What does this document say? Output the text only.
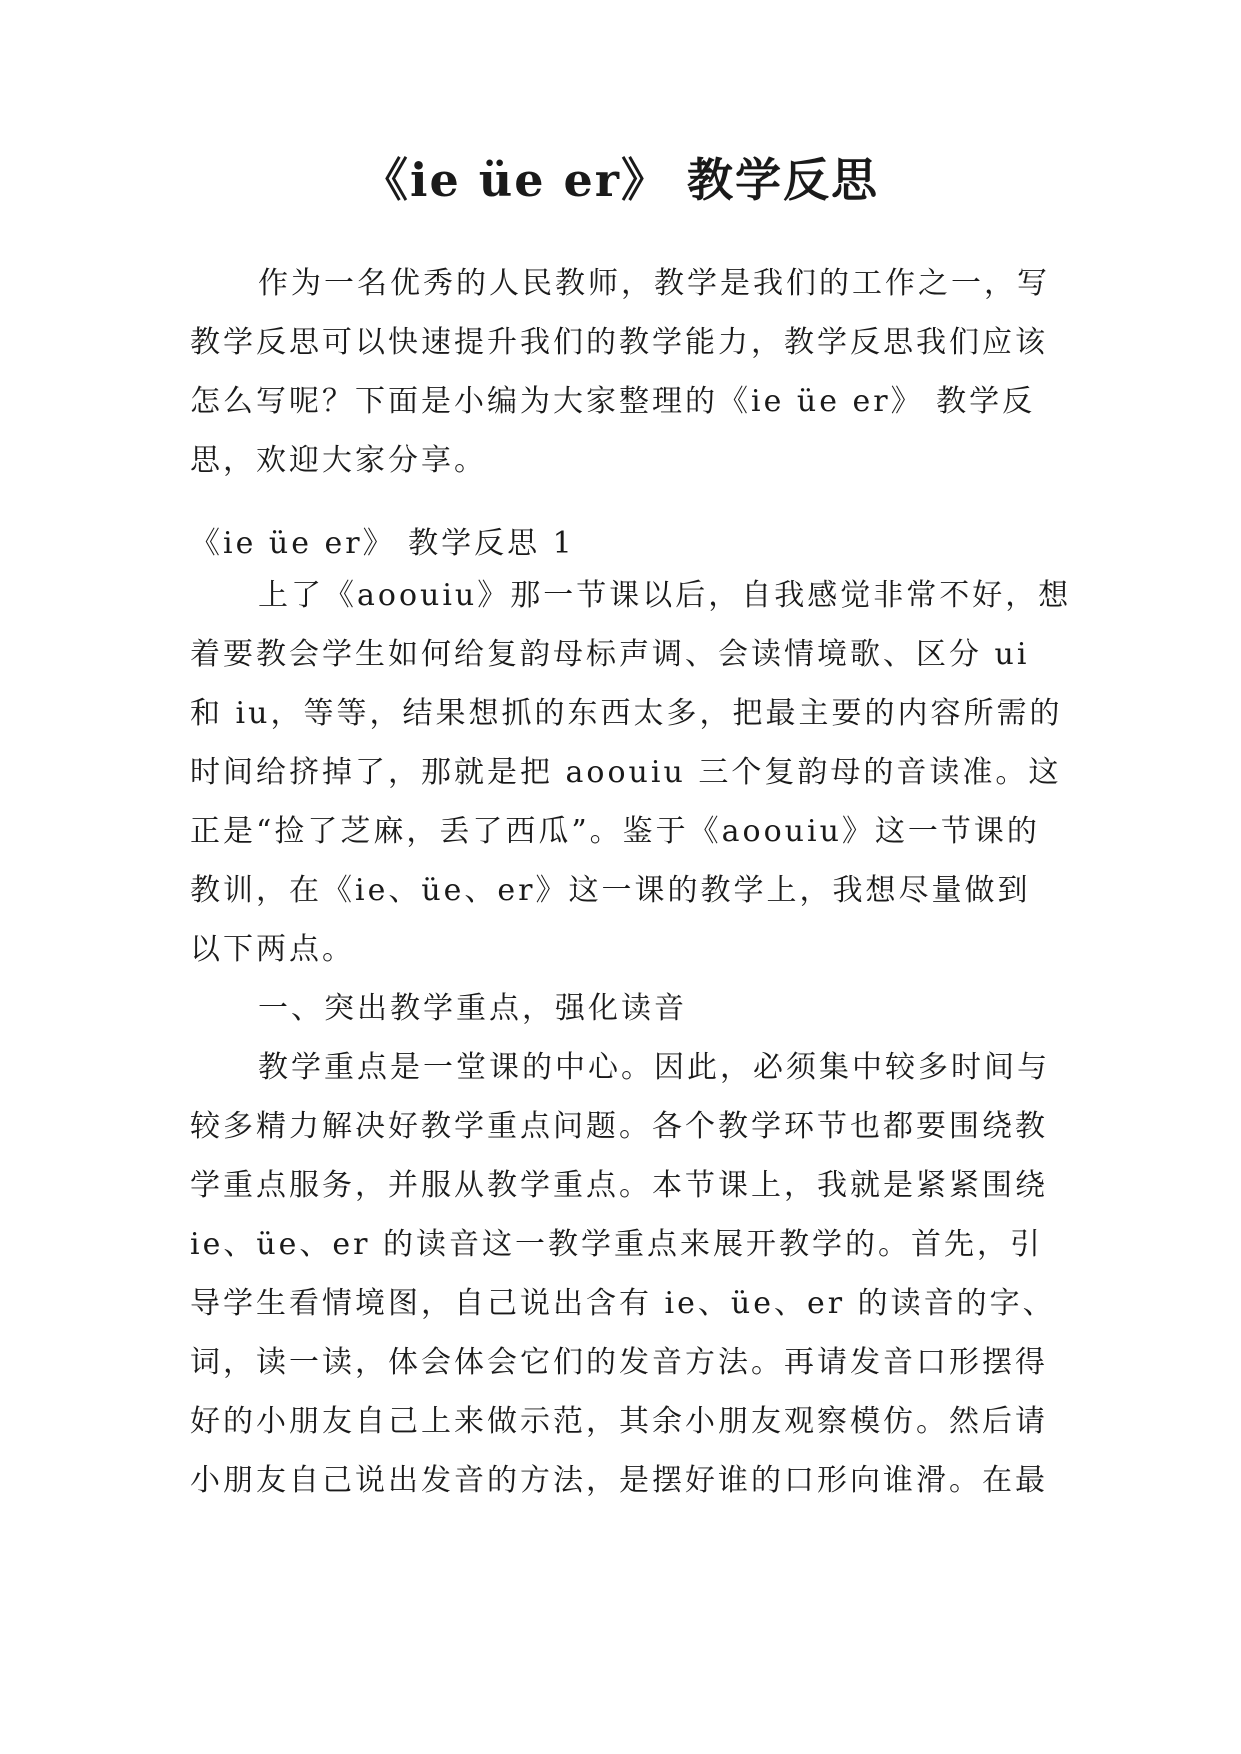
《ie üe er》 教学反思
作为一名优秀的人民教师，教学是我们的工作之一，写
教学反思可以快速提升我们的教学能力，教学反思我们应该
怎么写呢？下面是小编为大家整理的《ie üe er》 教学反
思，欢迎大家分享。
《ie üe er》 教学反思 1
上了《aoouiu》那一节课以后，自我感觉非常不好，想
着要教会学生如何给复韵母标声调、会读情境歌、区分 ui
和 iu，等等，结果想抓的东西太多，把最主要的内容所需的
时间给挤掉了，那就是把 aoouiu 三个复韵母的音读准。这
正是“捡了芝麻，丢了西瓜”。鉴于《aoouiu》这一节课的
教训，在《ie、üe、er》这一课的教学上，我想尽量做到
以下两点。
一、突出教学重点，强化读音
教学重点是一堂课的中心。因此，必须集中较多时间与
较多精力解决好教学重点问题。各个教学环节也都要围绕教
学重点服务，并服从教学重点。本节课上，我就是紧紧围绕
ie、üe、er 的读音这一教学重点来展开教学的。首先，引
导学生看情境图，自己说出含有 ie、üe、er 的读音的字、
词，读一读，体会体会它们的发音方法。再请发音口形摆得
好的小朋友自己上来做示范，其余小朋友观察模仿。然后请
小朋友自己说出发音的方法，是摆好谁的口形向谁滑。在最
